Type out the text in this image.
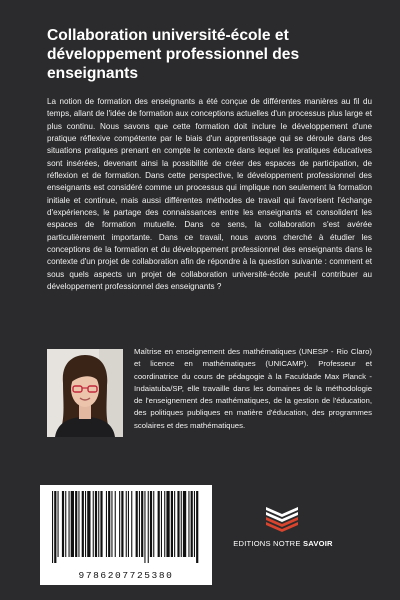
Collaboration université-école et développement professionnel des enseignants

La notion de formation des enseignants a été conçue de différentes manières au fil du temps, allant de l'idée de formation aux conceptions actuelles d'un processus plus large et plus continu. Nous savons que cette formation doit inclure le développement d'une pratique réflexive compétente par le biais d'un apprentissage qui se déroule dans des situations pratiques prenant en compte le contexte dans lequel les pratiques éducatives sont insérées, devenant ainsi la possibilité de créer des espaces de participation, de réflexion et de formation. Dans cette perspective, le développement professionnel des enseignants est considéré comme un processus qui implique non seulement la formation initiale et continue, mais aussi différentes méthodes de travail qui favorisent l'échange d'expériences, le partage des connaissances entre les enseignants et consolident les espaces de formation mutuelle. Dans ce sens, la collaboration s'est avérée particulièrement importante. Dans ce travail, nous avons cherché à étudier les conceptions de la formation et du développement professionnel des enseignants dans le contexte d'un projet de collaboration afin de répondre à la question suivante : comment et sous quels aspects un projet de collaboration université-école peut-il contribuer au développement professionnel des enseignants ?

Maîtrise en enseignement des mathématiques (UNESP - Rio Claro) et licence en mathématiques (UNICAMP). Professeur et coordinatrice du cours de pédagogie à la Faculdade Max Planck - Indaiatuba/SP, elle travaille dans les domaines de la méthodologie de l'enseignement des mathématiques, de la gestion de l'éducation, des politiques publiques en matière d'éducation, des programmes scolaires et des mathématiques.

9786207725380
EDITIONS NOTRE SAVOIR
